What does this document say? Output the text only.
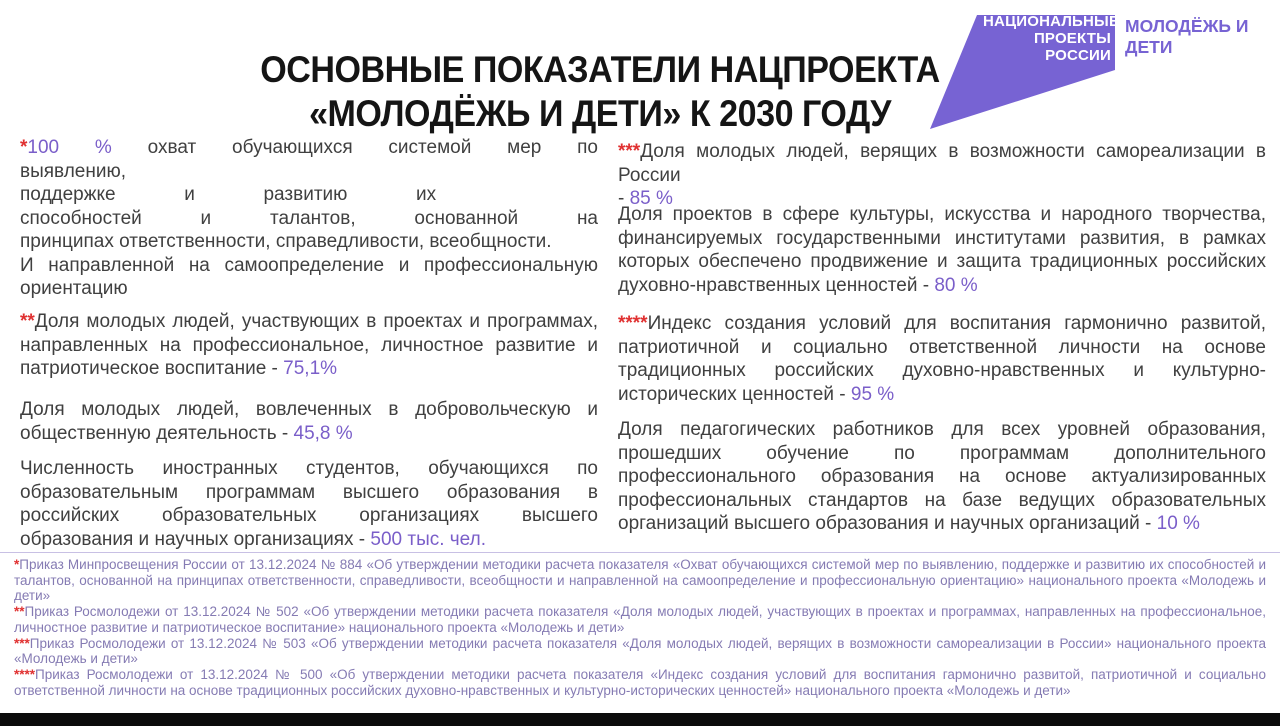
ОСНОВНЫЕ ПОКАЗАТЕЛИ НАЦПРОЕКТА
«МОЛОДЁЖЬ И ДЕТИ» К 2030 ГОДУ
НАЦИОНАЛЬНЫЕ
ПРОЕКТЫ
РОССИИ
МОЛОДЁЖЬ И
ДЕТИ
*100 % охват обучающихся системой мер по
выявлению,
поддержке и развитию их
способностей и талантов, основанной на
принципах ответственности, справедливости, всеобщности.
И направленной на самоопределение и профессиональную ориентацию
**Доля молодых людей, участвующих в проектах и программах, направленных на профессиональное, личностное развитие и патриотическое воспитание - 75,1%
Доля молодых людей, вовлеченных в добровольческую и общественную деятельность - 45,8 %
Численность иностранных студентов, обучающихся по образовательным программам высшего образования в российских образовательных организациях высшего образования и научных организациях - 500 тыс. чел.
***Доля молодых людей, верящих в возможности самореализации в России
- 85 %
Доля проектов в сфере культуры, искусства и народного творчества, финансируемых государственными институтами развития, в рамках которых обеспечено продвижение и защита традиционных российских духовно-нравственных ценностей - 80 %
****Индекс создания условий для воспитания гармонично развитой, патриотичной и социально ответственной личности на основе традиционных российских духовно-нравственных и культурно-исторических ценностей - 95 %
Доля педагогических работников для всех уровней образования, прошедших обучение по программам дополнительного профессионального образования на основе актуализированных профессиональных стандартов на базе ведущих образовательных организаций высшего образования и научных организаций - 10 %
*Приказ Минпросвещения России от 13.12.2024 № 884 «Об утверждении методики расчета показателя «Охват обучающихся системой мер по выявлению, поддержке и развитию их способностей и талантов, основанной на принципах ответственности, справедливости, всеобщности и направленной на самоопределение и профессиональную ориентацию» национального проекта «Молодежь и дети»
**Приказ Росмолодежи от 13.12.2024 № 502 «Об утверждении методики расчета показателя «Доля молодых людей, участвующих в проектах и программах, направленных на профессиональное, личностное развитие и патриотическое воспитание» национального проекта «Молодежь и дети»
***Приказ Росмолодежи от 13.12.2024 № 503 «Об утверждении методики расчета показателя «Доля молодых людей, верящих в возможности самореализации в России» национального проекта «Молодежь и дети»
****Приказ Росмолодежи от 13.12.2024 № 500 «Об утверждении методики расчета показателя «Индекс создания условий для воспитания гармонично развитой, патриотичной и социально ответственной личности на основе традиционных российских духовно-нравственных и культурно-исторических ценностей» национального проекта «Молодежь и дети»
